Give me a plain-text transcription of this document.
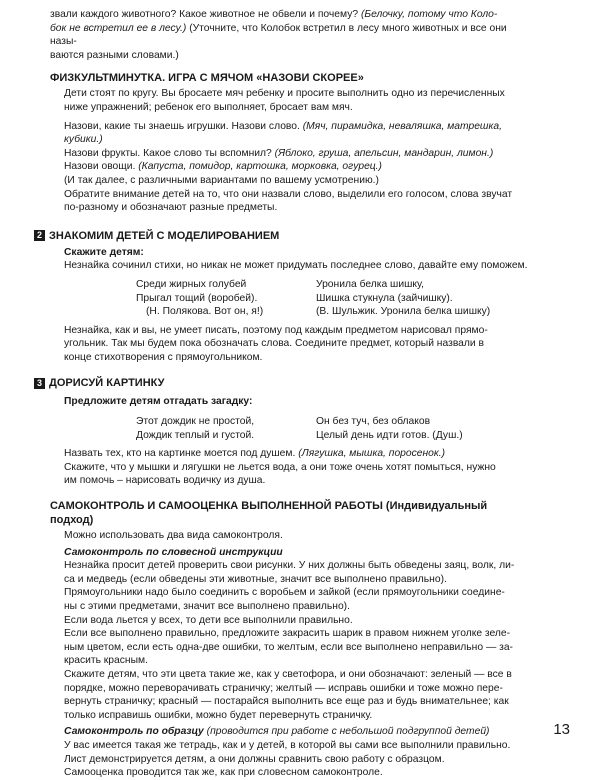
звали каждого животного? Какое животное не обвели и почему? (Белочку, потому что Коло-
бок не встретил ее в лесу.) (Уточните, что Колобок встретил в лесу много животных и все они назы-
ваются разными словами.)

ФИЗКУЛЬТМИНУТКА. ИГРА С МЯЧОМ «НАЗОВИ СКОРЕЕ»

Дети стоят по кругу. Вы бросаете мяч ребенку и просите выполнить одно из перечисленных
ниже упражнений; ребенок его выполняет, бросает вам мяч.

Назови, какие ты знаешь игрушки. Назови слово. (Мяч, пирамидка, неваляшка, матрешка, кубики.)
Назови фрукты. Какое слово ты вспомнил? (Яблоко, груша, апельсин, мандарин, лимон.)
Назови овощи. (Капуста, помидор, картошка, морковка, огурец.)
(И так далее, с различными вариантами по вашему усмотрению.)
Обратите внимание детей на то, что они назвали слово, выделили его голосом, слова звучат
по-разному и обозначают разные предметы.

2 ЗНАКОМИМ ДЕТЕЙ С МОДЕЛИРОВАНИЕМ
Скажите детям:

Незнайка сочинил стихи, но никак не может придумать последнее слово, давайте ему поможем.

Среди жирных голубей
Прыгал тощий (воробей).
(Н. Полякова. Вот он, я!)
Уронила белка шишку,
Шишка стукнула (зайчишку).
(В. Шульжик. Уронила белка шишку)

Незнайка, как и вы, не умеет писать, поэтому под каждым предметом нарисовал прямо-
угольник. Так мы будем пока обозначать слова. Соедините предмет, который назвали в
конце стихотворения с прямоугольником.

3 ДОРИСУЙ КАРТИНКУ
Предложите детям отгадать загадку:
Этот дождик не простой,
Дождик теплый и густой.
Он без туч, без облаков
Целый день идти готов. (Душ.)

Назвать тех, кто на картинке моется под душем. (Лягушка, мышка, поросенок.)
Скажите, что у мышки и лягушки не льется вода, а они тоже очень хотят помыться, нужно
им помочь – нарисовать водичку из душа.

САМОКОНТРОЛЬ И САМООЦЕНКА ВЫПОЛНЕННОЙ РАБОТЫ (Индивидуальный подход)

Можно использовать два вида самоконтроля.

Самоконтроль по словесной инструкции

Незнайка просит детей проверить свои рисунки. У них должны быть обведены заяц, волк, ли-
са и медведь (если обведены эти животные, значит все выполнено правильно).
Прямоугольники надо было соединить с воробьем и зайкой (если прямоугольники соедине-
ны с этими предметами, значит все выполнено правильно).
Если вода льется у всех, то дети все выполнили правильно.
Если все выполнено правильно, предложите закрасить шарик в правом нижнем уголке зеле-
ным цветом, если есть одна-две ошибки, то желтым, если все выполнено неправильно — за-
красить красным.
Скажите детям, что эти цвета такие же, как у светофора, и они обозначают: зеленый — все в
порядке, можно переворачивать страничку; желтый — исправь ошибки и тоже можно пере-
вернуть страничку; красный — постарайся выполнить все еще раз и будь внимательнее; как
только исправишь ошибки, можно будет перевернуть страничку.

Самоконтроль по образцу (проводится при работе с небольшой подгруппой детей)

У вас имеется такая же тетрадь, как и у детей, в которой вы сами все выполнили правильно.
Лист демонстрируется детям, а они должны сравнить свою работу с образцом.
Самооценка проводится так же, как при словесном самоконтроле.

13
